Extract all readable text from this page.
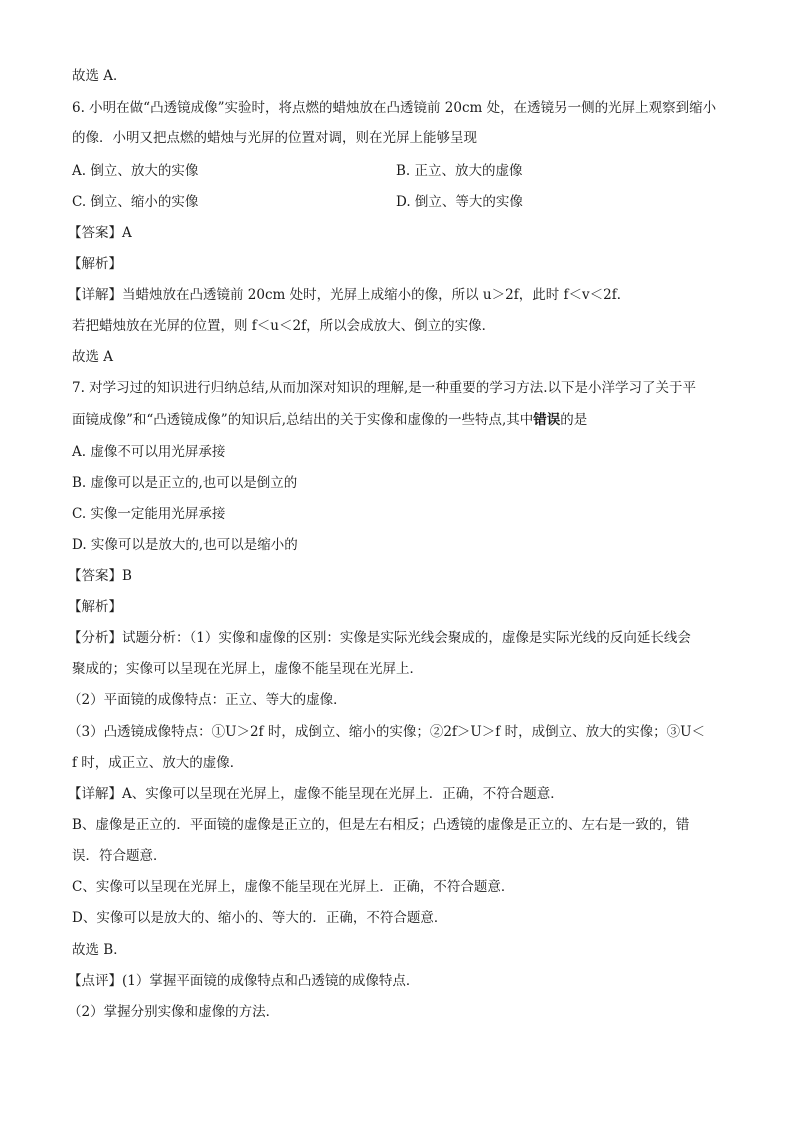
故选 A．
6. 小明在做“凸透镜成像”实验时，将点燃的蜡烛放在凸透镜前 20cm 处，在透镜另一侧的光屏上观察到缩小
的像．小明又把点燃的蜡烛与光屏的位置对调，则在光屏上能够呈现
A. 倒立、放大的实像	B. 正立、放大的虚像
C. 倒立、缩小的实像	D. 倒立、等大的实像
【答案】A
【解析】
【详解】当蜡烛放在凸透镜前 20cm 处时，光屏上成缩小的像，所以 u＞2f，此时 f＜v＜2f．
若把蜡烛放在光屏的位置，则 f＜u＜2f，所以会成放大、倒立的实像．
故选 A
7. 对学习过的知识进行归纳总结,从而加深对知识的理解,是一种重要的学习方法.以下是小洋学习了关于平
面镜成像”和“凸透镜成像”的知识后,总结出的关于实像和虚像的一些特点,其中错误的是
A. 虚像不可以用光屏承接
B. 虚像可以是正立的,也可以是倒立的
C. 实像一定能用光屏承接
D. 实像可以是放大的,也可以是缩小的
【答案】B
【解析】
【分析】试题分析：（1）实像和虚像的区别：实像是实际光线会聚成的，虚像是实际光线的反向延长线会
聚成的；实像可以呈现在光屏上，虚像不能呈现在光屏上．
（2）平面镜的成像特点：正立、等大的虚像．
（3）凸透镜成像特点：①U＞2f 时，成倒立、缩小的实像；②2f＞U＞f 时，成倒立、放大的实像；③U＜
f 时，成正立、放大的虚像．
【详解】A、实像可以呈现在光屏上，虚像不能呈现在光屏上．正确，不符合题意．
B、虚像是正立的．平面镜的虚像是正立的，但是左右相反；凸透镜的虚像是正立的、左右是一致的，错
误．符合题意．
C、实像可以呈现在光屏上，虚像不能呈现在光屏上．正确，不符合题意．
D、实像可以是放大的、缩小的、等大的．正确，不符合题意．
故选 B．
【点评】(1）掌握平面镜的成像特点和凸透镜的成像特点．
（2）掌握分别实像和虚像的方法．
